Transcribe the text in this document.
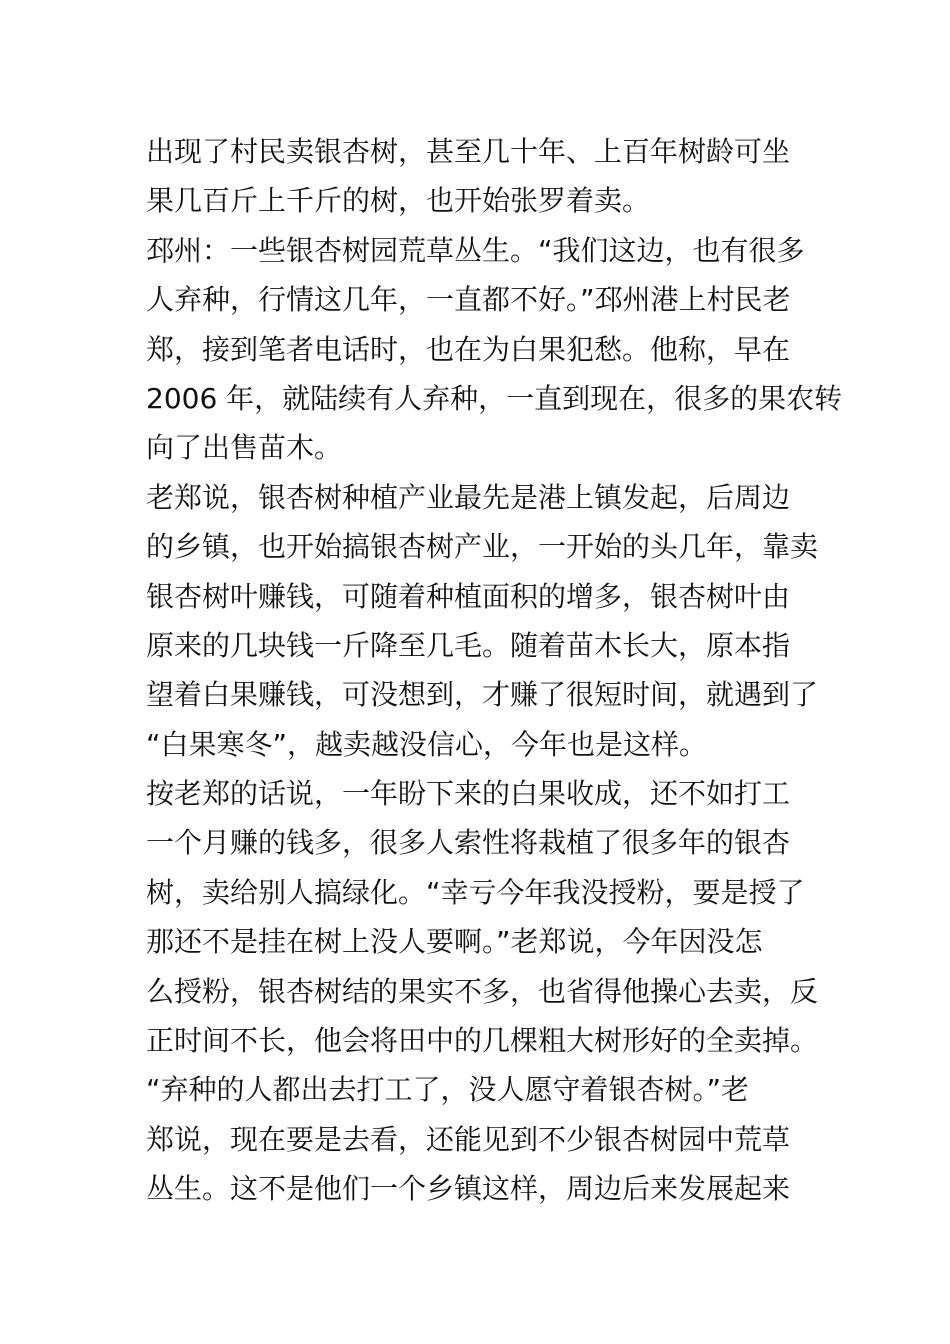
出现了村民卖银杏树，甚至几十年、上百年树龄可坐
果几百斤上千斤的树，也开始张罗着卖。
邳州：一些银杏树园荒草丛生。“我们这边，也有很多
人弃种，行情这几年，一直都不好。”邳州港上村民老
郑，接到笔者电话时，也在为白果犯愁。他称，早在
2006 年，就陆续有人弃种，一直到现在，很多的果农转
向了出售苗木。
老郑说，银杏树种植产业最先是港上镇发起，后周边
的乡镇，也开始搞银杏树产业，一开始的头几年，靠卖
银杏树叶赚钱，可随着种植面积的增多，银杏树叶由
原来的几块钱一斤降至几毛。随着苗木长大，原本指
望着白果赚钱，可没想到，才赚了很短时间，就遇到了
“白果寒冬”，越卖越没信心，今年也是这样。
按老郑的话说，一年盼下来的白果收成，还不如打工
一个月赚的钱多，很多人索性将栽植了很多年的银杏
树，卖给别人搞绿化。“幸亏今年我没授粉，要是授了
那还不是挂在树上没人要啊。”老郑说，今年因没怎
么授粉，银杏树结的果实不多，也省得他操心去卖，反
正时间不长，他会将田中的几棵粗大树形好的全卖掉。
“弃种的人都出去打工了，没人愿守着银杏树。”老
郑说，现在要是去看，还能见到不少银杏树园中荒草
丛生。这不是他们一个乡镇这样，周边后来发展起来
